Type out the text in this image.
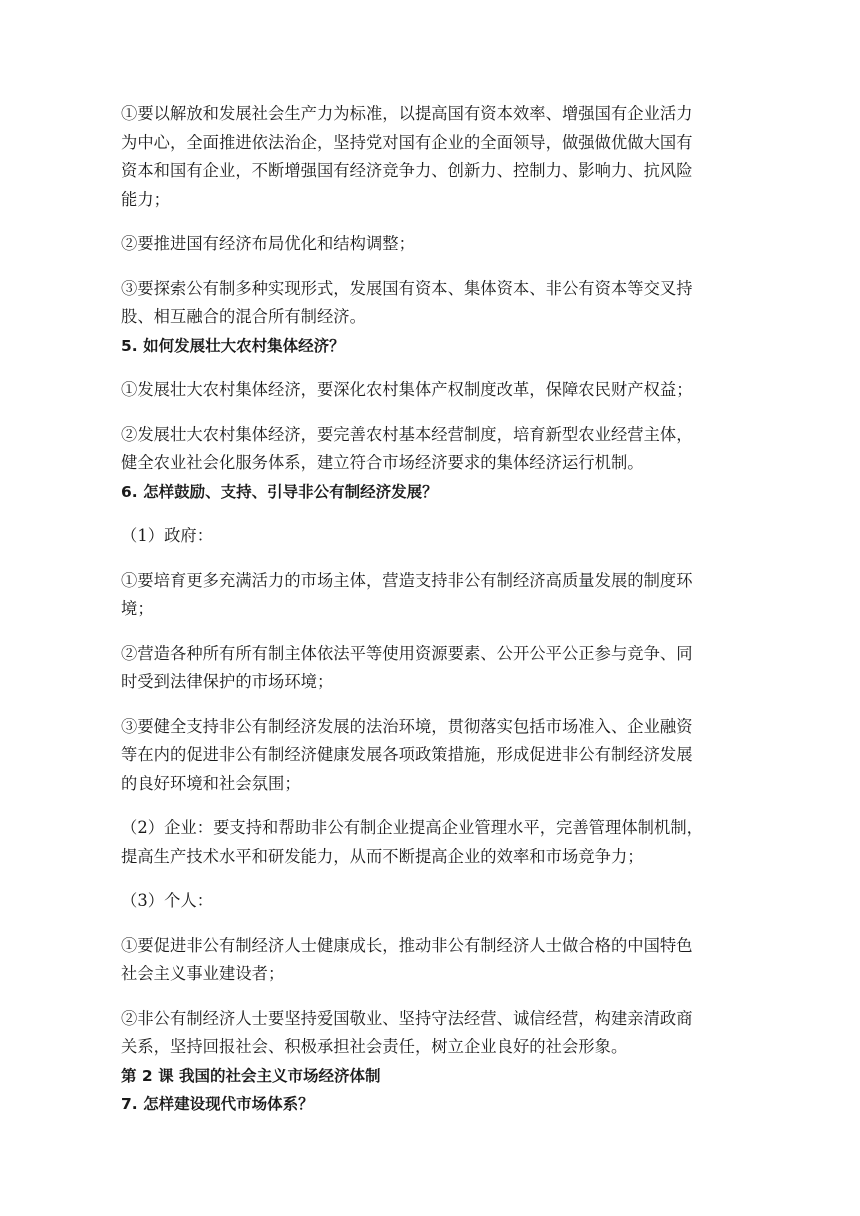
①要以解放和发展社会生产力为标准，以提高国有资本效率、增强国有企业活力
为中心，全面推进依法治企，坚持党对国有企业的全面领导，做强做优做大国有
资本和国有企业，不断增强国有经济竞争力、创新力、控制力、影响力、抗风险
能力；

②要推进国有经济布局优化和结构调整；

③要探索公有制多种实现形式，发展国有资本、集体资本、非公有资本等交叉持
股、相互融合的混合所有制经济。

5. 如何发展壮大农村集体经济？

①发展壮大农村集体经济，要深化农村集体产权制度改革，保障农民财产权益；

②发展壮大农村集体经济，要完善农村基本经营制度，培育新型农业经营主体，
健全农业社会化服务体系，建立符合市场经济要求的集体经济运行机制。

6. 怎样鼓励、支持、引导非公有制经济发展？

（1）政府：

①要培育更多充满活力的市场主体，营造支持非公有制经济高质量发展的制度环
境；

②营造各种所有所有制主体依法平等使用资源要素、公开公平公正参与竞争、同
时受到法律保护的市场环境；

③要健全支持非公有制经济发展的法治环境，贯彻落实包括市场准入、企业融资
等在内的促进非公有制经济健康发展各项政策措施，形成促进非公有制经济发展
的良好环境和社会氛围；

（2）企业：要支持和帮助非公有制企业提高企业管理水平，完善管理体制机制，
提高生产技术水平和研发能力，从而不断提高企业的效率和市场竞争力；

（3）个人：

①要促进非公有制经济人士健康成长，推动非公有制经济人士做合格的中国特色
社会主义事业建设者；

②非公有制经济人士要坚持爱国敬业、坚持守法经营、诚信经营，构建亲清政商
关系，坚持回报社会、积极承担社会责任，树立企业良好的社会形象。

第 2 课 我国的社会主义市场经济体制

7. 怎样建设现代市场体系？
